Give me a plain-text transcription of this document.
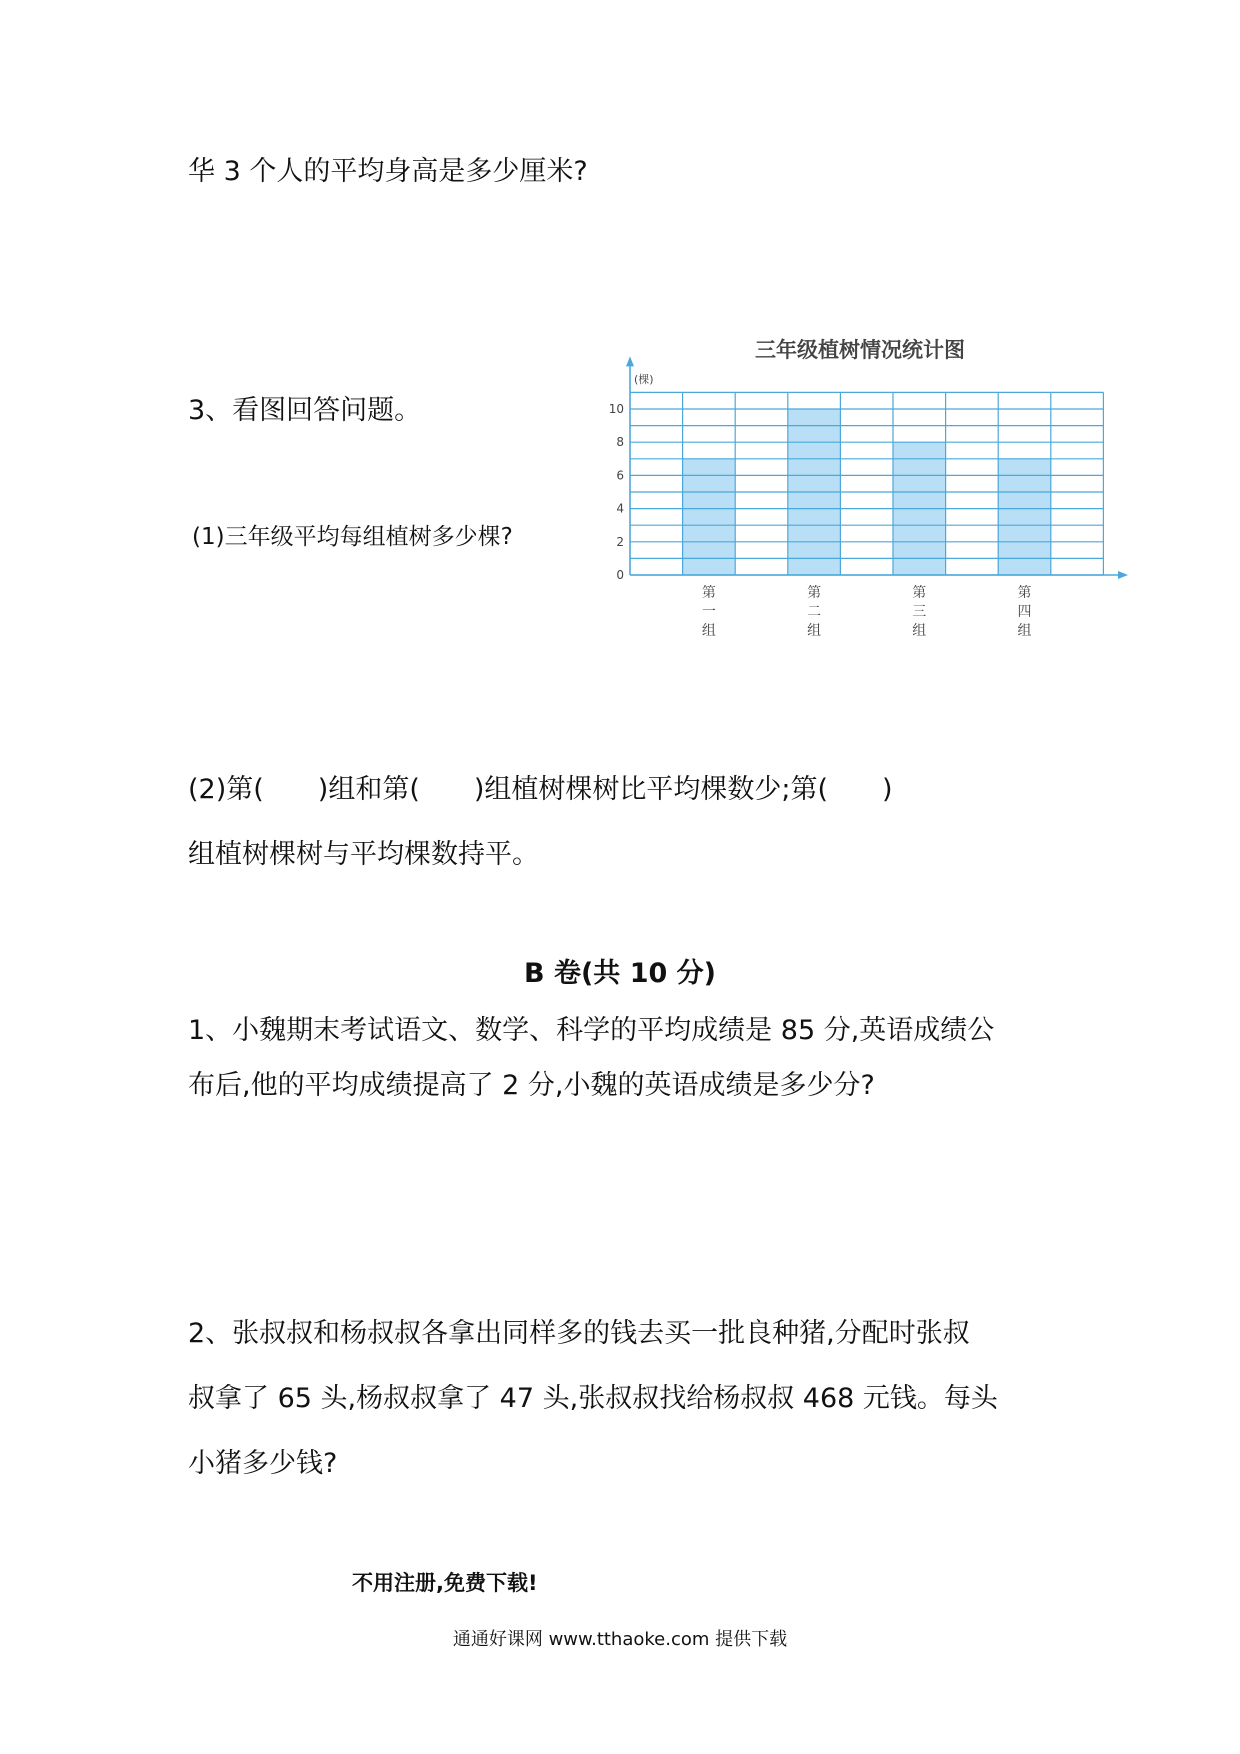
华 3 个人的平均身高是多少厘米?
3、看图回答问题。
(1)三年级平均每组植树多少棵?
三年级植树情况统计图
0
2
4
6
8
10
第一组
第二组
第三组
第四组
(棵)
(2)第(　　)组和第(　　)组植树棵树比平均棵数少;第(　　)
组植树棵树与平均棵数持平。
B 卷(共 10 分)
1、小魏期末考试语文、数学、科学的平均成绩是 85 分,英语成绩公
布后,他的平均成绩提高了 2 分,小魏的英语成绩是多少分?
2、张叔叔和杨叔叔各拿出同样多的钱去买一批良种猪,分配时张叔
叔拿了 65 头,杨叔叔拿了 47 头,张叔叔找给杨叔叔 468 元钱。每头
小猪多少钱?
不用注册,免费下载!
通通好课网 www.tthaoke.com 提供下载
